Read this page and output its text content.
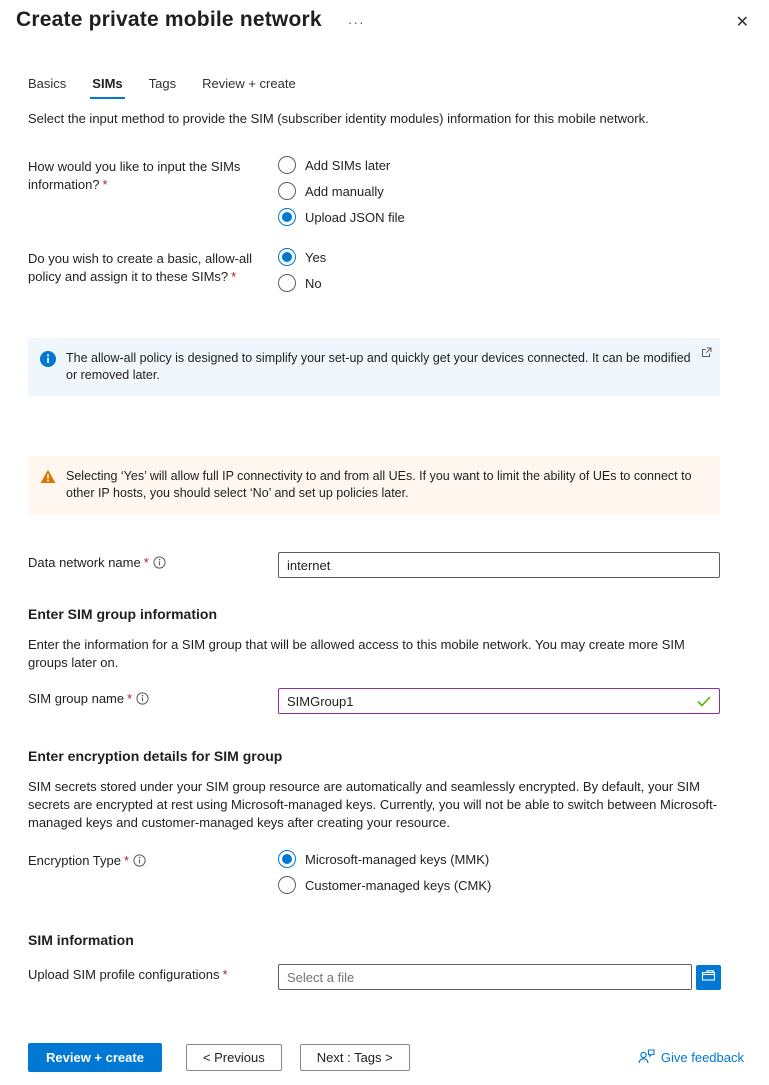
Create private mobile network ···	✕
Basics SIMs Tags Review + create
Select the input method to provide the SIM (subscriber identity modules) information for this mobile network.
How would you like to input the SIMs information? *
Add SIMs later
Add manually
Upload JSON file
Do you wish to create a basic, allow-all policy and assign it to these SIMs? *
Yes
No
The allow-all policy is designed to simplify your set-up and quickly get your devices connected. It can be modified or removed later.
Selecting ‘Yes’ will allow full IP connectivity to and from all UEs. If you want to limit the ability of UEs to connect to other IP hosts, you should select ‘No’ and set up policies later.
Data network name *
internet
Enter SIM group information
Enter the information for a SIM group that will be allowed access to this mobile network. You may create more SIM groups later on.
SIM group name *
SIMGroup1
Enter encryption details for SIM group
SIM secrets stored under your SIM group resource are automatically and seamlessly encrypted. By default, your SIM secrets are encrypted at rest using Microsoft-managed keys. Currently, you will not be able to switch between Microsoft-managed keys and customer-managed keys after creating your resource.
Encryption Type *	Microsoft-managed keys (MMK)
Customer-managed keys (CMK)
SIM information
Upload SIM profile configurations *
Select a file
Review + create	< Previous	Next : Tags >	Give feedback
